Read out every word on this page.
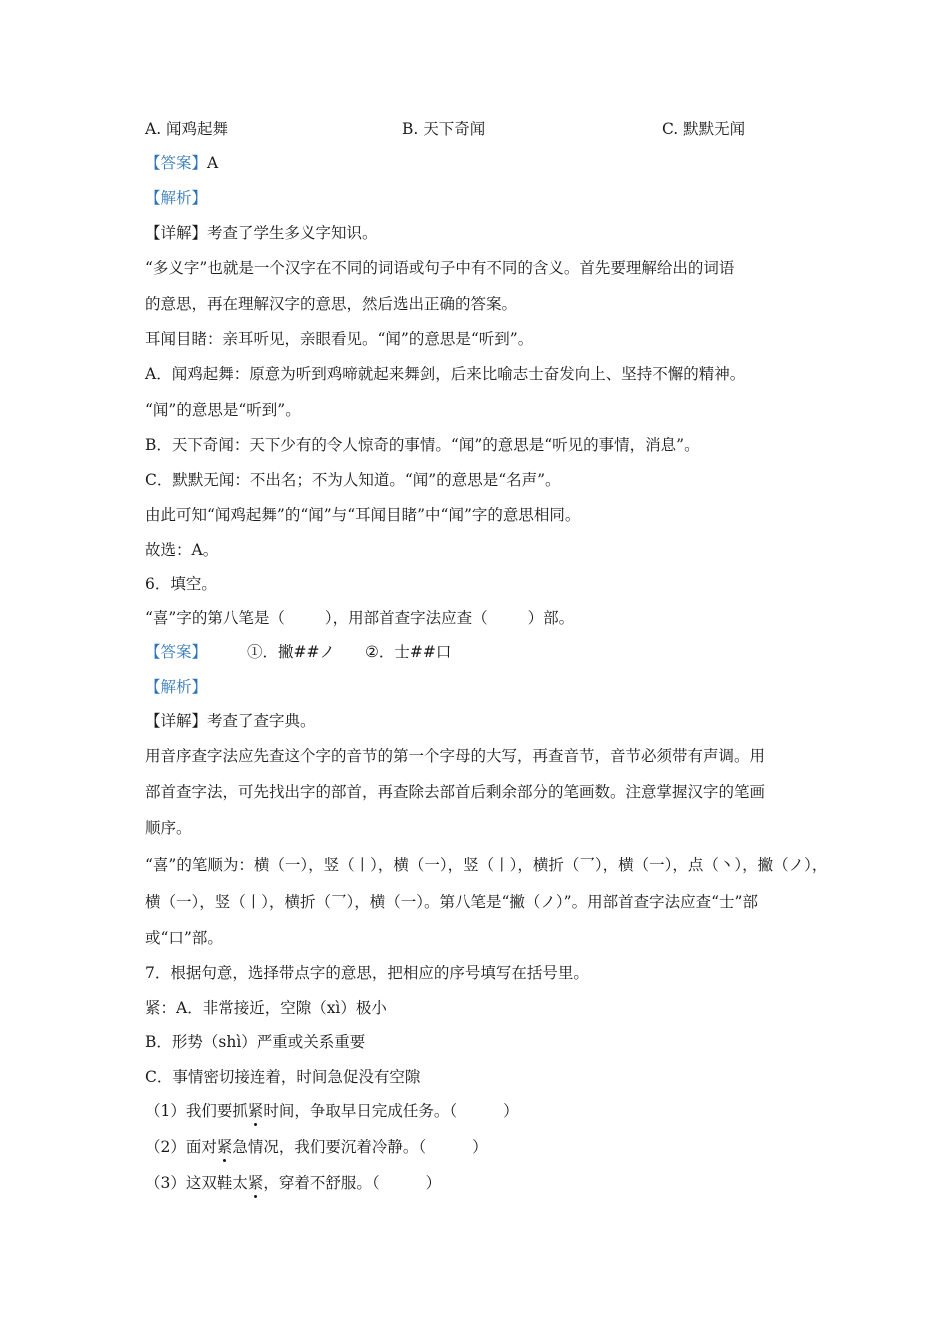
A. 闻鸡起舞	B. 天下奇闻	C. 默默无闻
【答案】A
【解析】
【详解】考查了学生多义字知识。
“多义字”也就是一个汉字在不同的词语或句子中有不同的含义。首先要理解给出的词语
的意思，再在理解汉字的意思，然后选出正确的答案。
耳闻目睹：亲耳听见，亲眼看见。“闻”的意思是“听到”。
A．闻鸡起舞：原意为听到鸡啼就起来舞剑，后来比喻志士奋发向上、坚持不懈的精神。
“闻”的意思是“听到”。
B．天下奇闻：天下少有的令人惊奇的事情。“闻”的意思是“听见的事情，消息”。
C．默默无闻：不出名；不为人知道。“闻”的意思是“名声”。
由此可知“闻鸡起舞”的“闻”与“耳闻目睹”中“闻”字的意思相同。
故选：A。
6．填空。
“喜”字的第八笔是（	），用部首查字法应查（	）部。
【答案】	①．撇##ノ ②．士##口
【解析】
【详解】考查了查字典。
用音序查字法应先查这个字的音节的第一个字母的大写，再查音节，音节必须带有声调。用
部首查字法，可先找出字的部首，再查除去部首后剩余部分的笔画数。注意掌握汉字的笔画
顺序。
“喜”的笔顺为：横（一），竖（丨），横（一），竖（丨），横折（乛），横（一），点（丶），撇（ノ），
横（一），竖（丨），横折（乛），横（一）。第八笔是“撇（ノ）”。用部首查字法应查“士”部
或“口”部。
7．根据句意，选择带点字的意思，把相应的序号填写在括号里。
紧：A．非常接近，空隙（xì）极小
B．形势（shì）严重或关系重要
C．事情密切接连着，时间急促没有空隙
（1）我们要抓紧时间，争取早日完成任务。（	）
（2）面对紧急情况，我们要沉着冷静。（	）
（3）这双鞋太紧，穿着不舒服。（	）
